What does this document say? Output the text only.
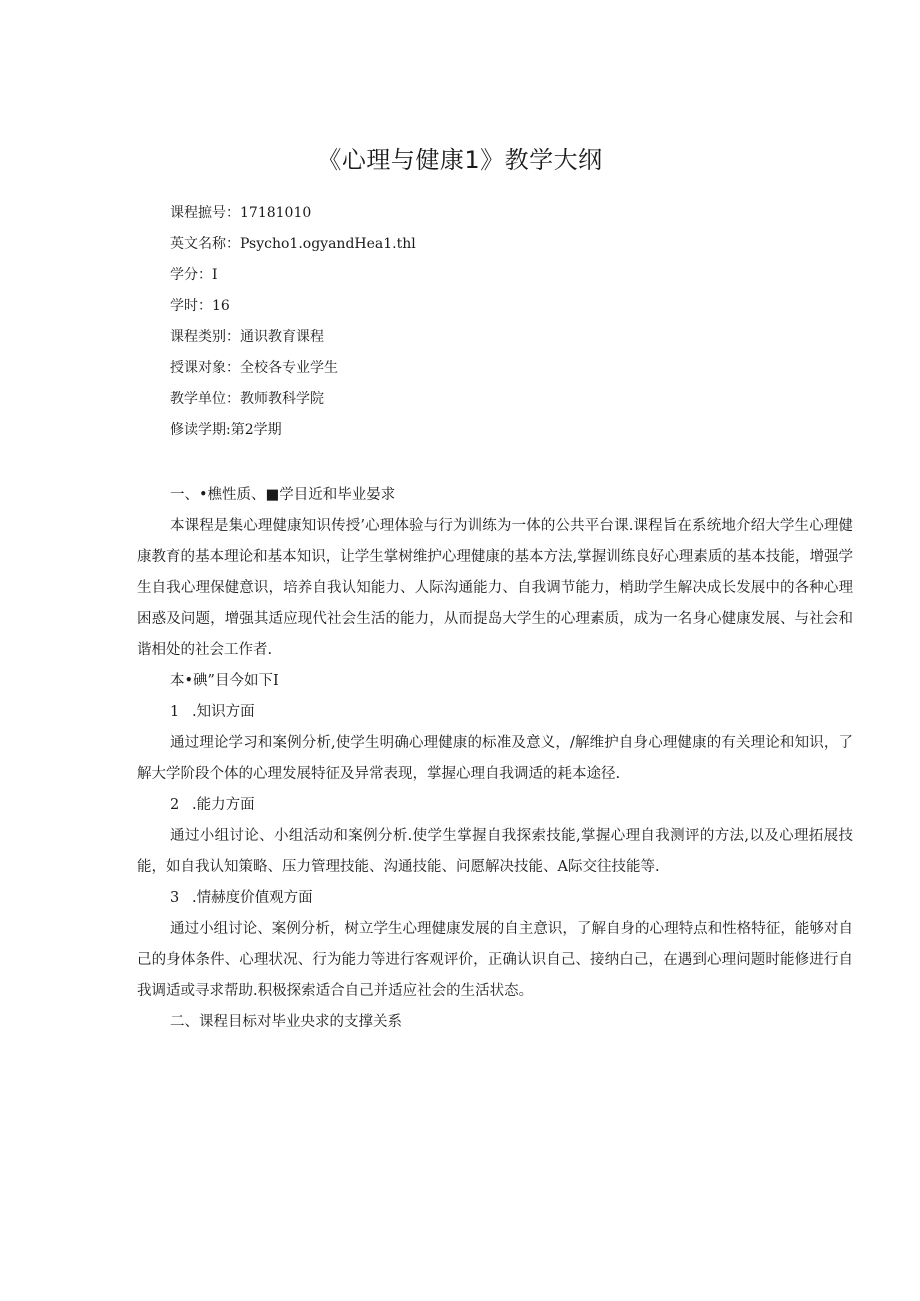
《心理与健康1》教学大纲
课程摭号：17181010
英文名称：Psycho1.ogyandHea1.thl
学分：I
学时：16
课程类别：通识教育课程
授课对象：全校各专业学生
教学单位：教师教科学院
修读学期:第2学期
一、•樵性质、■学目近和毕业晏求

本课程是集心理健康知识传授’心理体验与行为训练为一体的公共平台课.课程旨在系统地介绍大学生心理健康教育的基本理论和基本知识，让学生掌树维护心理健康的基本方法,掌握训练良好心理素质的基本技能，增强学生自我心理保健意识，培养自我认知能力、人际沟通能力、自我调节能力，梢助学生解决成长发展中的各种心理困惑及问题，增强其适应现代社会生活的能力，从而提岛大学生的心理素质，成为一名身心健康发展、与社会和谐相处的社会工作者.

本•碘”目今如下I
1 .知识方面

通过理论学习和案例分析,使学生明确心理健康的标准及意义，/解维护自身心理健康的有关理论和知识，了解大学阶段个体的心理发展特征及异常表现，掌握心理自我调适的耗本途径.

2 .能力方面

通过小组讨论、小组活动和案例分析.使学生掌握自我探索技能,掌握心理自我测评的方法,以及心理拓展技能，如自我认知策略、压力管理技能、沟通技能、问愿解决技能、A际交往技能等.

3 .情赫度价值观方面

通过小组讨论、案例分析，树立学生心理健康发展的自主意识，了解自身的心理特点和性格特征，能够对自己的身体条件、心理状况、行为能力等进行客观评价，正确认识自己、接纳白己，在遇到心理问题时能修进行自我调适或寻求帮助.积极探索适合自己并适应社会的生活状态。

二、课程目标对毕业央求的支撑关系
